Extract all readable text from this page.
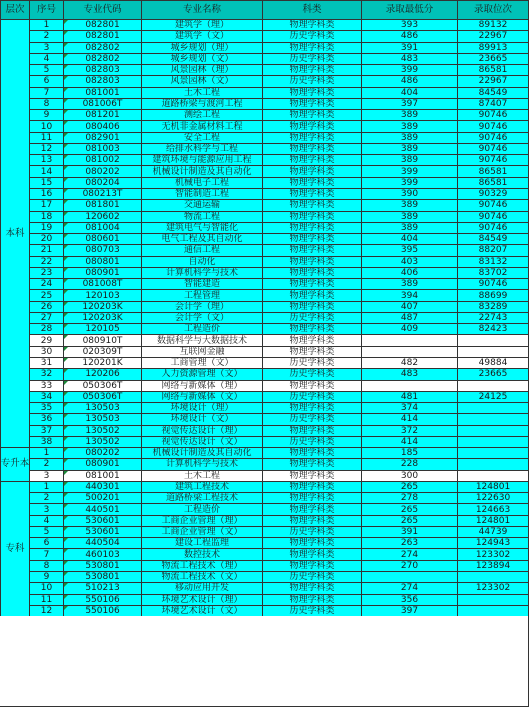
层次	序号	专业代码	专业名称	科类	录取最低分	录取位次
本科
专升本
专科
1	082801	建筑学（理）	物理学科类	393	89132
2	082801	建筑学（文）	历史学科类	486	22967
3	082802	城乡规划（理）	物理学科类	391	89913
4	082802	城乡规划（文）	历史学科类	483	23665
5	082803	风景园林（理）	物理学科类	399	86581
6	082803	风景园林（文）	历史学科类	486	22967
7	081001	土木工程	物理学科类	404	84549
8	081006T	道路桥梁与渡河工程	物理学科类	397	87407
9	081201	测绘工程	物理学科类	389	90746
10	080406	无机非金属材料工程	物理学科类	389	90746
11	082901	安全工程	物理学科类	389	90746
12	081003	给排水科学与工程	物理学科类	389	90746
13	081002	建筑环境与能源应用工程	物理学科类	389	90746
14	080202	机械设计制造及其自动化	物理学科类	399	86581
15	080204	机械电子工程	物理学科类	399	86581
16	080213T	智能制造工程	物理学科类	390	90329
17	081801	交通运输	物理学科类	389	90746
18	120602	物流工程	物理学科类	389	90746
19	081004	建筑电气与智能化	物理学科类	389	90746
20	080601	电气工程及其自动化	物理学科类	404	84549
21	080703	通信工程	物理学科类	395	88207
22	080801	自动化	物理学科类	403	83132
23	080901	计算机科学与技术	物理学科类	406	83702
24	081008T	智能建造	物理学科类	389	90746
25	120103	工程管理	物理学科类	394	88699
26	120203K	会计学（理）	物理学科类	407	83289
27	120203K	会计学（文）	历史学科类	487	22743
28	120105	工程造价	物理学科类	409	82423
29	080910T	数据科学与大数据技术	物理学科类
30	020309T	互联网金融	物理学科类
31	120201K	工商管理（文）	历史学科类	482	49884
32	120206	人力资源管理（文）	历史学科类	483	23665
33	050306T	网络与新媒体（理）	物理学科类
34	050306T	网络与新媒体（文）	历史学科类	481	24125
35	130503	环境设计（理）	物理学科类	374
36	130503	环境设计（文）	历史学科类	414
37	130502	视觉传达设计（理）	物理学科类	372
38	130502	视觉传达设计（文）	历史学科类	414
1	080202	机械设计制造及其自动化	物理学科类	185
2	080901	计算机科学与技术	物理学科类	228
3	081001	土木工程	物理学科类	300
1	440301	建筑工程技术	物理学科类	265	124801
2	500201	道路桥梁工程技术	物理学科类	278	122630
3	440501	工程造价	物理学科类	265	124663
4	530601	工商企业管理（理）	物理学科类	265	124801
5	530601	工商企业管理（文）	历史学科类	391	44739
6	440504	建设工程监理	物理学科类	263	124943
7	460103	数控技术	物理学科类	274	123302
8	530801	物流工程技术（理）	物理学科类	270	123894
9	530801	物流工程技术（文）	历史学科类
10	510213	移动应用开发	物理学科类	274	123302
11	550106	环境艺术设计（理）	物理学科类	356
12	550106	环境艺术设计（文）	历史学科类	397
